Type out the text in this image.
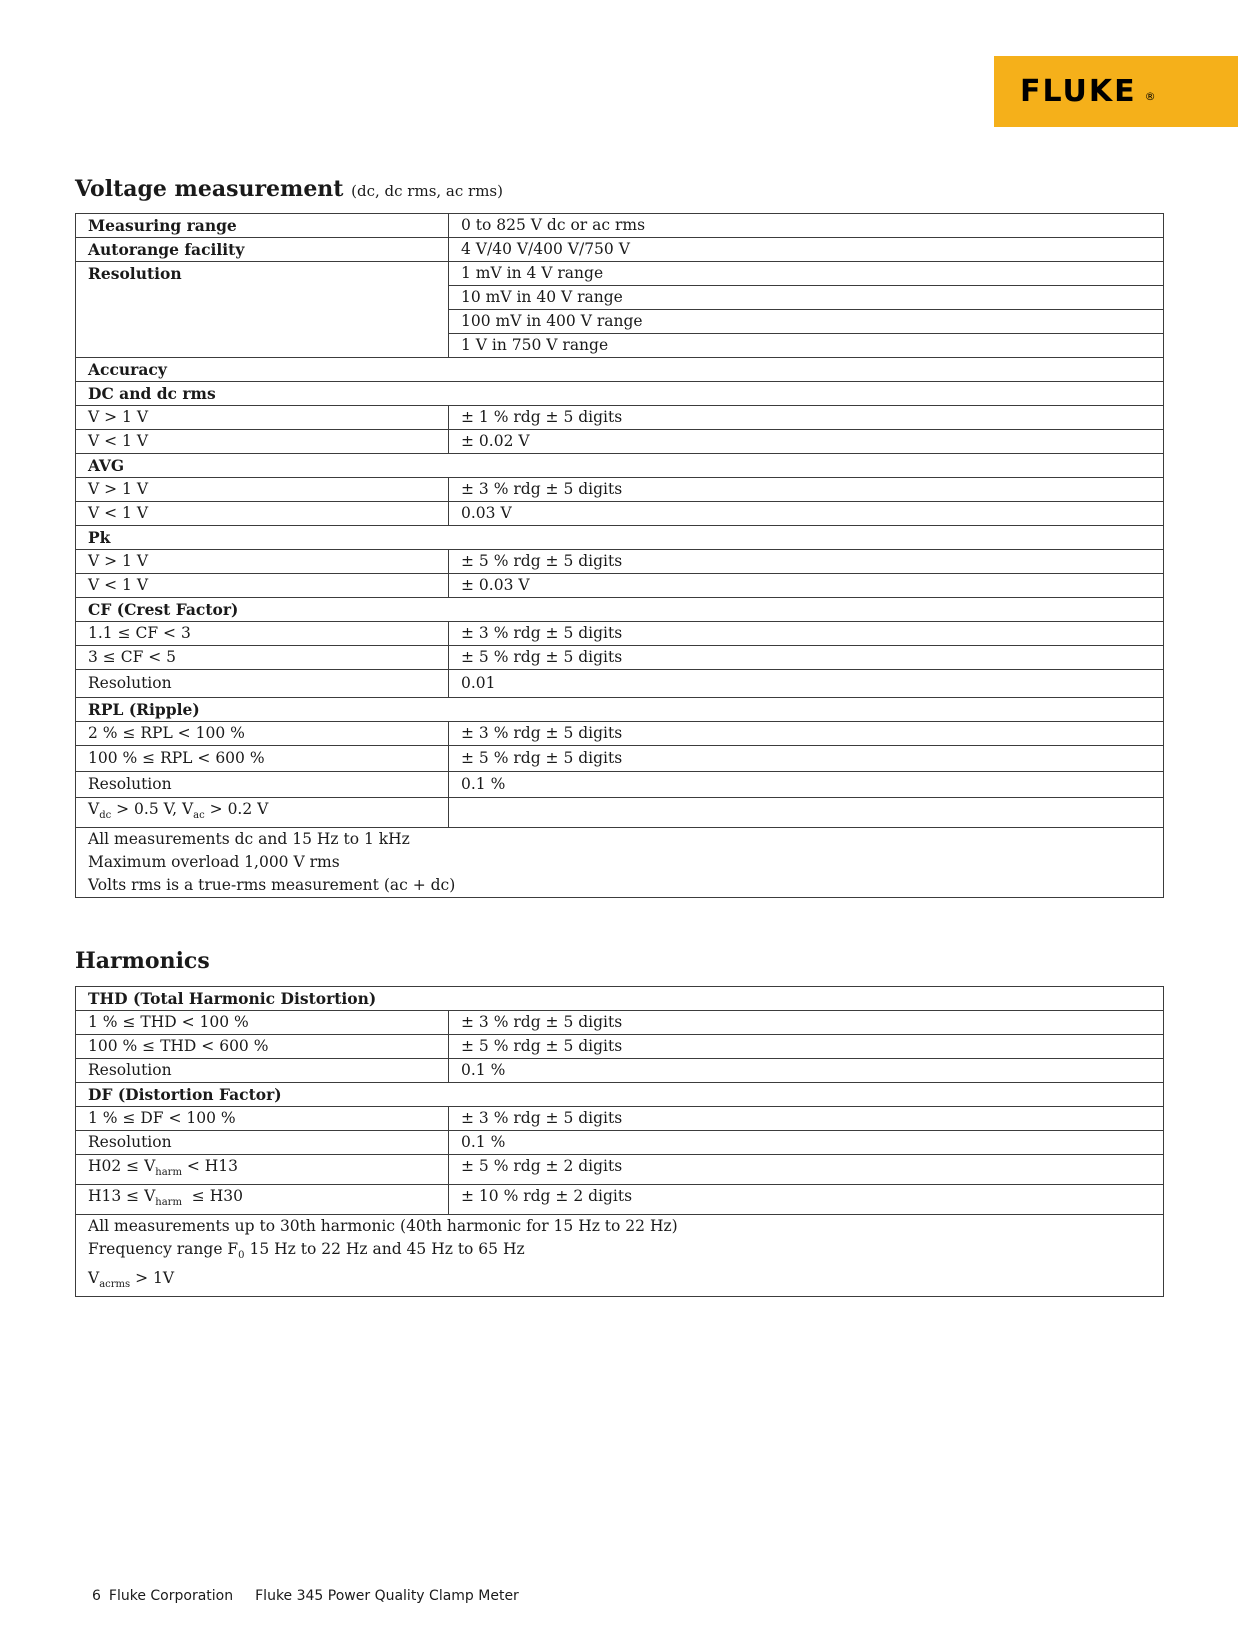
FLUKE ®
Voltage measurement (dc, dc rms, ac rms)
Measuring range	0 to 825 V dc or ac rms
Autorange facility	4 V/40 V/400 V/750 V
Resolution	1 mV in 4 V range
	10 mV in 40 V range
	100 mV in 400 V range
	1 V in 750 V range
Accuracy	
DC and dc rms	
V > 1 V	± 1 % rdg ± 5 digits
V < 1 V	± 0.02 V
AVG	
V > 1 V	± 3 % rdg ± 5 digits
V < 1 V	0.03 V
Pk	
V > 1 V	± 5 % rdg ± 5 digits
V < 1 V	± 0.03 V
CF (Crest Factor)	
1.1 ≤ CF < 3	± 3 % rdg ± 5 digits
3 ≤ CF < 5	± 5 % rdg ± 5 digits
Resolution	0.01
RPL (Ripple)	
2 % ≤ RPL < 100 %	± 3 % rdg ± 5 digits
100 % ≤ RPL < 600 %	± 5 % rdg ± 5 digits
Resolution	0.1 %
$V_{dc} > 0.5$ V, $V_{ac} > 0.2$ V	

All measurements dc and 15 Hz to 1 kHz
Maximum overload 1,000 V rms
Volts rms is a true-rms measurement (ac + dc)	
Harmonics
THD (Total Harmonic Distortion)	
1 % ≤ THD < 100 %	± 3 % rdg ± 5 digits
100 % ≤ THD < 600 %	± 5 % rdg ± 5 digits
Resolution	0.1 %
DF (Distortion Factor)	
1 % ≤ DF < 100 %	± 3 % rdg ± 5 digits
Resolution	0.1 %
$H02 \le V_{harm} < H13$	± 5 % rdg ± 2 digits
$H13 \le V_{harm} \le H30$	± 10 % rdg ± 2 digits

All measurements up to 30th harmonic (40th harmonic for 15 Hz to 22 Hz)
Frequency range $F_0$ 15 Hz to 22 Hz and 45 Hz to 65 Hz
$V_{acrms} > 1V$	
6 Fluke Corporation Fluke 345 Power Quality Clamp Meter
